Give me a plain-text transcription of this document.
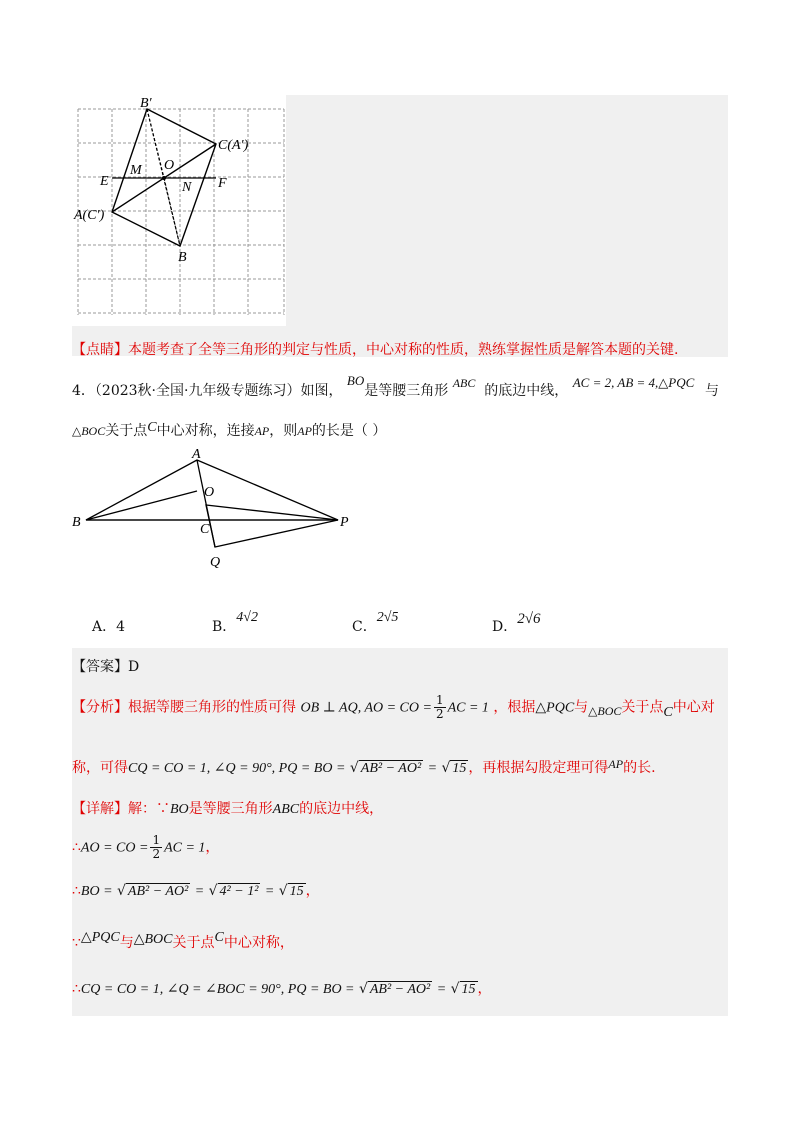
B′
C(A′)
O
M
E	N F
A(C′)
B
【点睛】本题考查了全等三角形的判定与性质，中心对称的性质，熟练掌握性质是解答本题的关键.
4．（2023秋·全国·九年级专题练习）如图， BO是等腰三角形 ABC 的底边中线， AC = 2, AB = 4,△PQC
与
△BOC关于点C中心对称，连接AP，则AP的长是（ ）
A
O
B	C	P
Q
A．4	B．4√2
C．2√5
D．2√6
【答案】D
【分析】根据等腰三角形的性质可得 OB ⊥ AQ, AO = CO = $\frac{1}{2}$ AC = 1 ，根据△PQC与△BOC关于点C中心对
称，可得CQ = CO = 1, ∠Q = 90°, PQ = BO = √ AB² − AO² = √ 15 ，再根据勾股定理可得AP的长.
【详解】解：∵BO是等腰三角形ABC的底边中线，
∴AO = CO = $\frac{1}{2}$ AC = 1，
∴BO = √ AB² − AO² = √ 4² − 1² = √ 15 ，
∵△PQC与△BOC关于点C中心对称，
∴CQ = CO = 1, ∠Q = ∠BOC = 90°, PQ = BO = √ AB² − AO² = √ 15 ，
